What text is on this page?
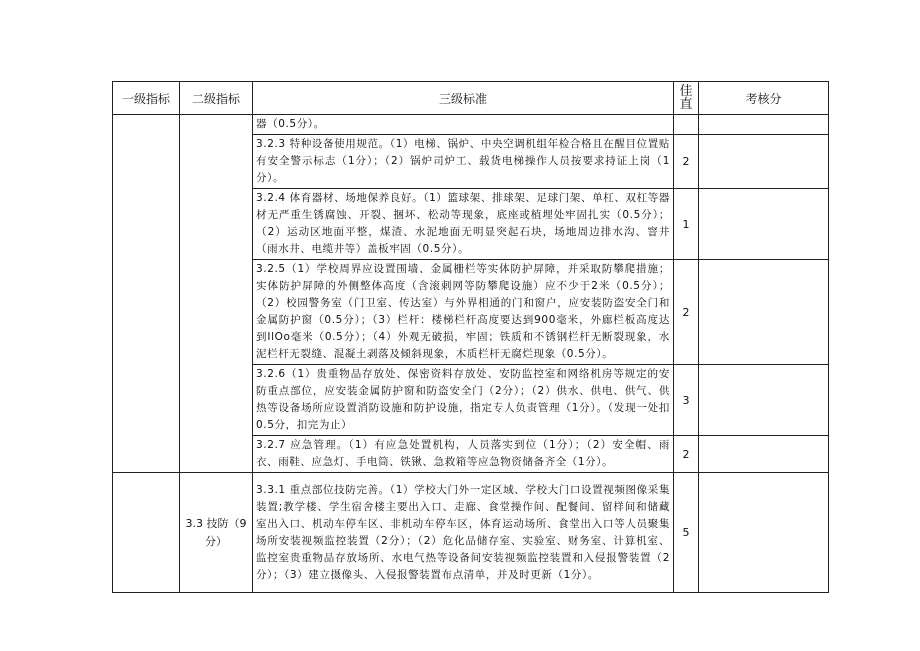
一级指标	二级指标	三级标准	佳直	考核分
		器（0.5分）。		
		3.2.3 特种设备使用规范。（1）电梯、锅炉、中央空调机组年检合格且在醒目位置贴有安全警示标志（1分）；（2）锅炉司炉工、载货电梯操作人员按要求持证上岗（1分）。	2	
		3.2.4 体育器材、场地保养良好。（1）篮球架、排球架、足球门架、单杠、双杠等器材无严重生锈腐蚀、开裂、捆坏、松动等现象，底座或植埋处牢固扎实（0.5分）；（2）运动区地面平整，煤渣、水泥地面无明显突起石块，场地周边排水沟、窨井（雨水井、电缆井等）盖板牢固（0.5分）。	1	
		3.2.5（1）学校周界应设置围墙、金属栅栏等实体防护屏障，并采取防攀爬措施；实体防护屏障的外侧整体高度（含滚刺网等防攀爬设施）应不少于2米（0.5分）；（2）校园警务室（门卫室、传达室）与外界相通的门和窗户，应安装防盗安全门和金属防护窗（0.5分）；（3）栏杆：楼梯栏杆高度要达到900毫米，外廊栏板高度达到IlOo毫米（0.5分）；（4）外观无破损，牢固；铁质和不锈钢栏杆无断裂现象，水泥栏杆无裂缝、混凝土剥落及倾斜现象，木质栏杆无腐烂现象（0.5分）。	2	
		3.2.6（1）贵重物品存放处、保密资料存放处、安防监控室和网络机房等规定的安防重点部位，应安装金属防护窗和防盗安全门（2分）；（2）供水、供电、供气、供热等设备场所应设置消防设施和防护设施，指定专人负责管理（1分）。（发现一处扣0.5分，扣完为止）	3	
		3.2.7 应急管理。（1）有应急处置机构，人员落实到位（1分）；（2）安全帽、雨衣、雨鞋、应急灯、手电筒、铁锹、急救箱等应急物资储备齐全（1分）。	2	
	3.3 技防（9分）	3.3.1 重点部位技防完善。（1）学校大门外一定区域、学校大门口设置视频图像采集装置;教学楼、学生宿舍楼主要出入口、走廊、食堂操作间、配餐间、留样间和储藏室出入口、机动车停车区、非机动车停车区，体育运动场所、食堂出入口等人员聚集场所安装视频监控装置（2分）；（2）危化品储存室、实验室、财务室、计算机室、监控室贵重物品存放场所、水电气热等设备间安装视频监控装置和入侵报警装置（2分）；（3）建立摄像头、入侵报警装置布点清单，并及时更新（1分）。	5	
